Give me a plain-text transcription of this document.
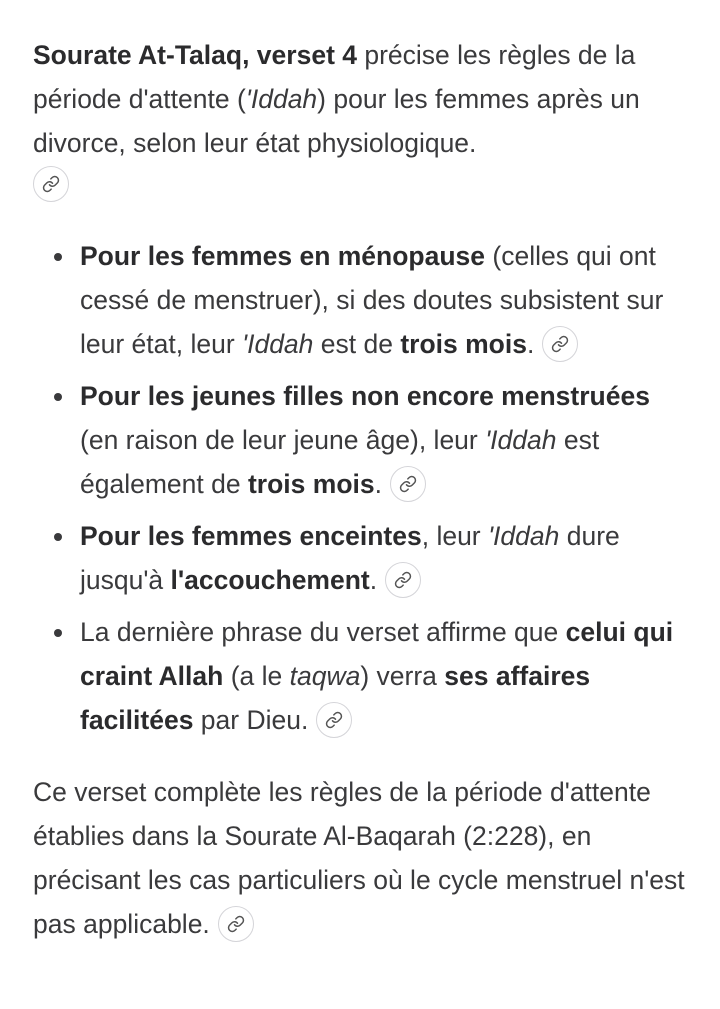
Sourate At-Talaq, verset 4 précise les règles de la période d'attente ('Iddah) pour les femmes après un divorce, selon leur état physiologique.

Pour les femmes en ménopause (celles qui ont cessé de menstruer), si des doutes subsistent sur leur état, leur 'Iddah est de trois mois.
Pour les jeunes filles non encore menstruées (en raison de leur jeune âge), leur 'Iddah est également de trois mois.
Pour les femmes enceintes, leur 'Iddah dure jusqu'à l'accouchement.
La dernière phrase du verset affirme que celui qui craint Allah (a le taqwa) verra ses affaires facilitées par Dieu.

Ce verset complète les règles de la période d'attente établies dans la Sourate Al-Baqarah (2:228), en précisant les cas particuliers où le cycle menstruel n'est pas applicable.
